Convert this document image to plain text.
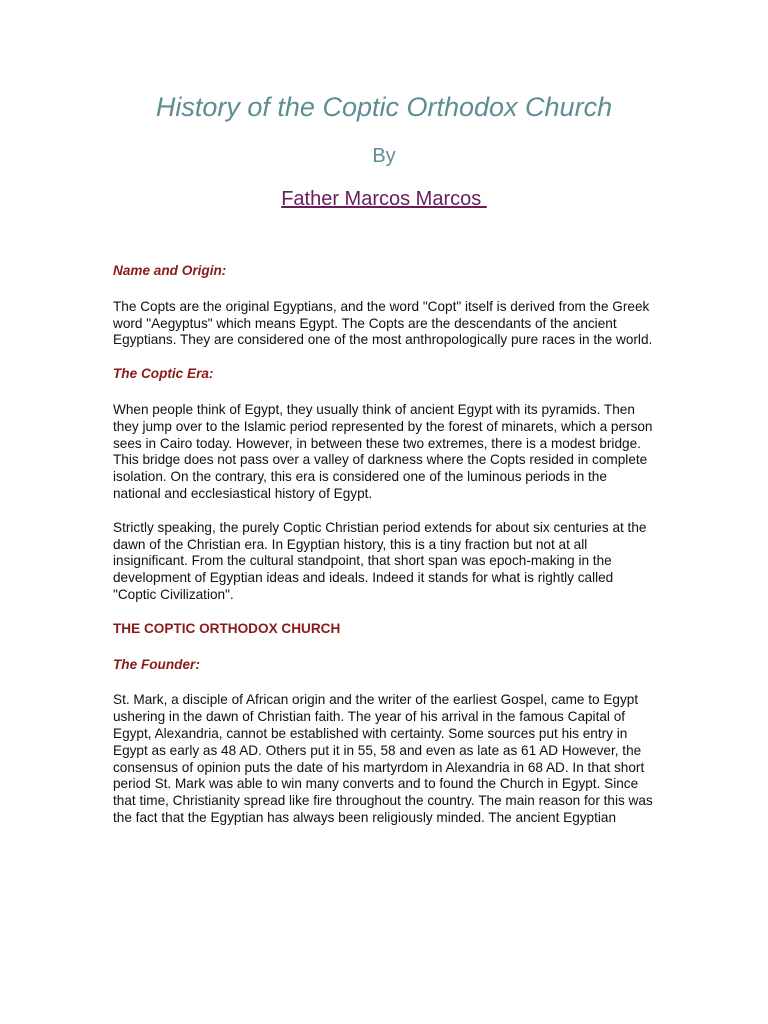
History of the Coptic Orthodox Church
By
Father Marcos Marcos

Name and Origin:

The Copts are the original Egyptians, and the word "Copt" itself is derived from the Greek word "Aegyptus" which means Egypt. The Copts are the descendants of the ancient Egyptians. They are considered one of the most anthropologically pure races in the world.

The Coptic Era:

When people think of Egypt, they usually think of ancient Egypt with its pyramids. Then they jump over to the Islamic period represented by the forest of minarets, which a person sees in Cairo today. However, in between these two extremes, there is a modest bridge. This bridge does not pass over a valley of darkness where the Copts resided in complete isolation. On the contrary, this era is considered one of the luminous periods in the national and ecclesiastical history of Egypt.

Strictly speaking, the purely Coptic Christian period extends for about six centuries at the dawn of the Christian era. In Egyptian history, this is a tiny fraction but not at all insignificant. From the cultural standpoint, that short span was epoch-making in the development of Egyptian ideas and ideals. Indeed it stands for what is rightly called "Coptic Civilization".

THE COPTIC ORTHODOX CHURCH

The Founder:

St. Mark, a disciple of African origin and the writer of the earliest Gospel, came to Egypt ushering in the dawn of Christian faith. The year of his arrival in the famous Capital of Egypt, Alexandria, cannot be established with certainty. Some sources put his entry in Egypt as early as 48 AD. Others put it in 55, 58 and even as late as 61 AD However, the consensus of opinion puts the date of his martyrdom in Alexandria in 68 AD. In that short period St. Mark was able to win many converts and to found the Church in Egypt. Since that time, Christianity spread like fire throughout the country. The main reason for this was the fact that the Egyptian has always been religiously minded. The ancient Egyptian
